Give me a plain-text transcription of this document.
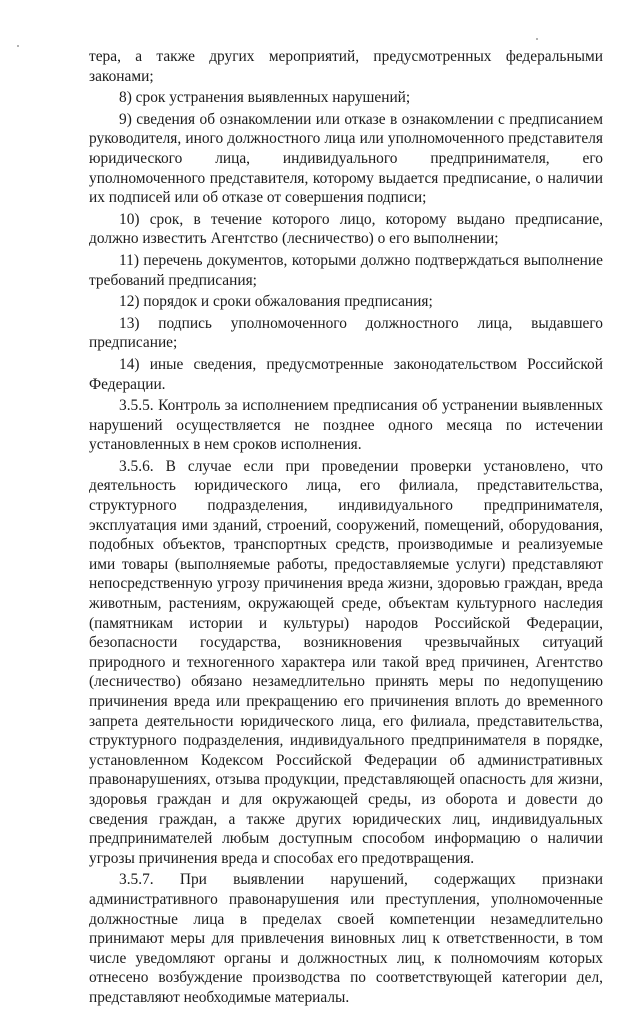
тера, а также других мероприятий, предусмотренных федеральными законами;

8) срок устранения выявленных нарушений;

9) сведения об ознакомлении или отказе в ознакомлении с предписанием руководителя, иного должностного лица или уполномоченного представителя юридического лица, индивидуального предпринимателя, его уполномоченного представителя, которому выдается предписание, о наличии их подписей или об отказе от совершения подписи;

10) срок, в течение которого лицо, которому выдано предписание, должно известить Агентство (лесничество) о его выполнении;

11) перечень документов, которыми должно подтверждаться выполнение требований предписания;

12) порядок и сроки обжалования предписания;

13) подпись уполномоченного должностного лица, выдавшего предписание;

14) иные сведения, предусмотренные законодательством Российской Федерации.

3.5.5. Контроль за исполнением предписания об устранении выявленных нарушений осуществляется не позднее одного месяца по истечении установленных в нем сроков исполнения.

3.5.6. В случае если при проведении проверки установлено, что деятельность юридического лица, его филиала, представительства, структурного подразделения, индивидуального предпринимателя, эксплуатация ими зданий, строений, сооружений, помещений, оборудования, подобных объектов, транспортных средств, производимые и реализуемые ими товары (выполняемые работы, предоставляемые услуги) представляют непосредственную угрозу причинения вреда жизни, здоровью граждан, вреда животным, растениям, окружающей среде, объектам культурного наследия (памятникам истории и культуры) народов Российской Федерации, безопасности государства, возникновения чрезвычайных ситуаций природного и техногенного характера или такой вред причинен, Агентство (лесничество) обязано незамедлительно принять меры по недопущению причинения вреда или прекращению его причинения вплоть до временного запрета деятельности юридического лица, его филиала, представительства, структурного подразделения, индивидуального предпринимателя в порядке, установленном Кодексом Российской Федерации об административных правонарушениях, отзыва продукции, представляющей опасность для жизни, здоровья граждан и для окружающей среды, из оборота и довести до сведения граждан, а также других юридических лиц, индивидуальных предпринимателей любым доступным способом информацию о наличии угрозы причинения вреда и способах его предотвращения.

3.5.7. При выявлении нарушений, содержащих признаки административного правонарушения или преступления, уполномоченные должностные лица в пределах своей компетенции незамедлительно принимают меры для привлечения виновных лиц к ответственности, в том числе уведомляют органы и должностных лиц, к полномочиям которых отнесено возбуждение производства по соответствующей категории дел, представляют необходимые материалы.
